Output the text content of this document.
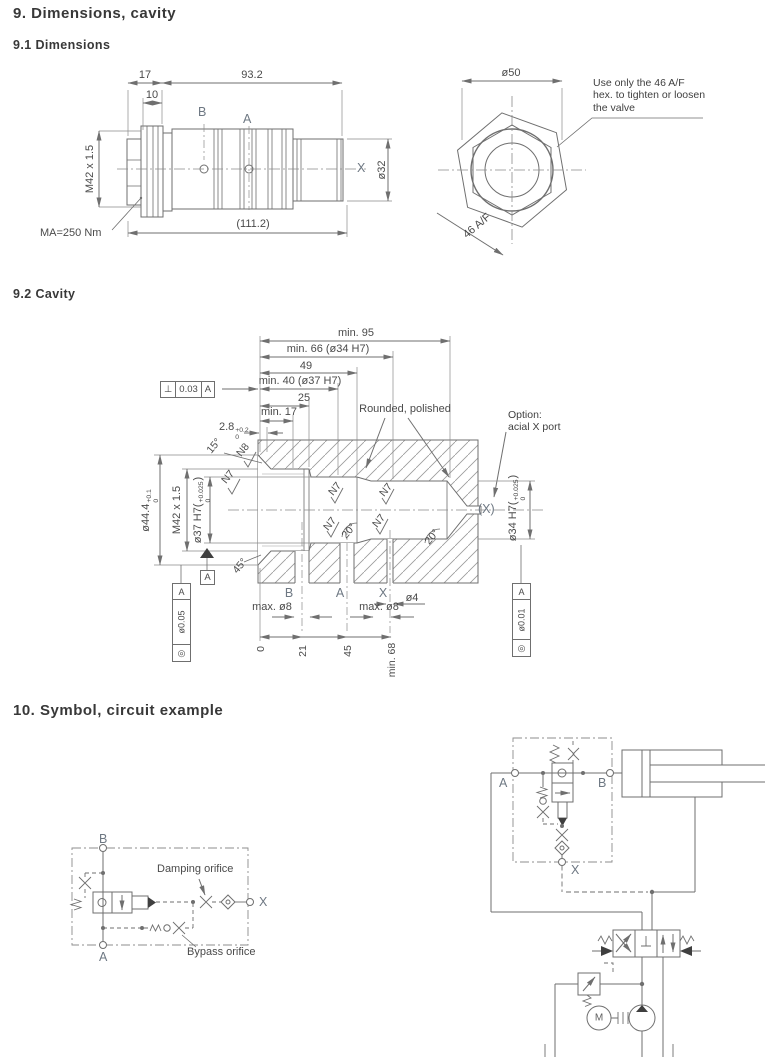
9. Dimensions, cavity
9.1 Dimensions
9.2 Cavity
10. Symbol, circuit example
17	93.2
10
B	A
X
M42 x 1.5	ø32
(111.2)
MA=250 Nm
ø50
46 A/F
Use only the 46 A/F
hex. to tighten or loosen
the valve
min. 95
min. 66 (ø34 H7)
49
min. 40 (ø37 H7)
25
min. 17
2.8 +0.2
0
⊥ 0.03 A
Rounded, polished	Option:
acial X port
ø44.4
+0.1 0 M42 x 1.5 ø37 H7(
+0.025 0
)
ø34 H7(
+0.025 0
)
15° N8
N7
45°
N7	N7
N7	N7
20°	20°
A
A
ø0.05
◎
A
ø0.01
◎
(X)
B	A	X
max. ø8	max. ø8
ø4
0	21	45	min. 68
B
A
X
Damping orifice
Bypass orifice
A	B
X
M
